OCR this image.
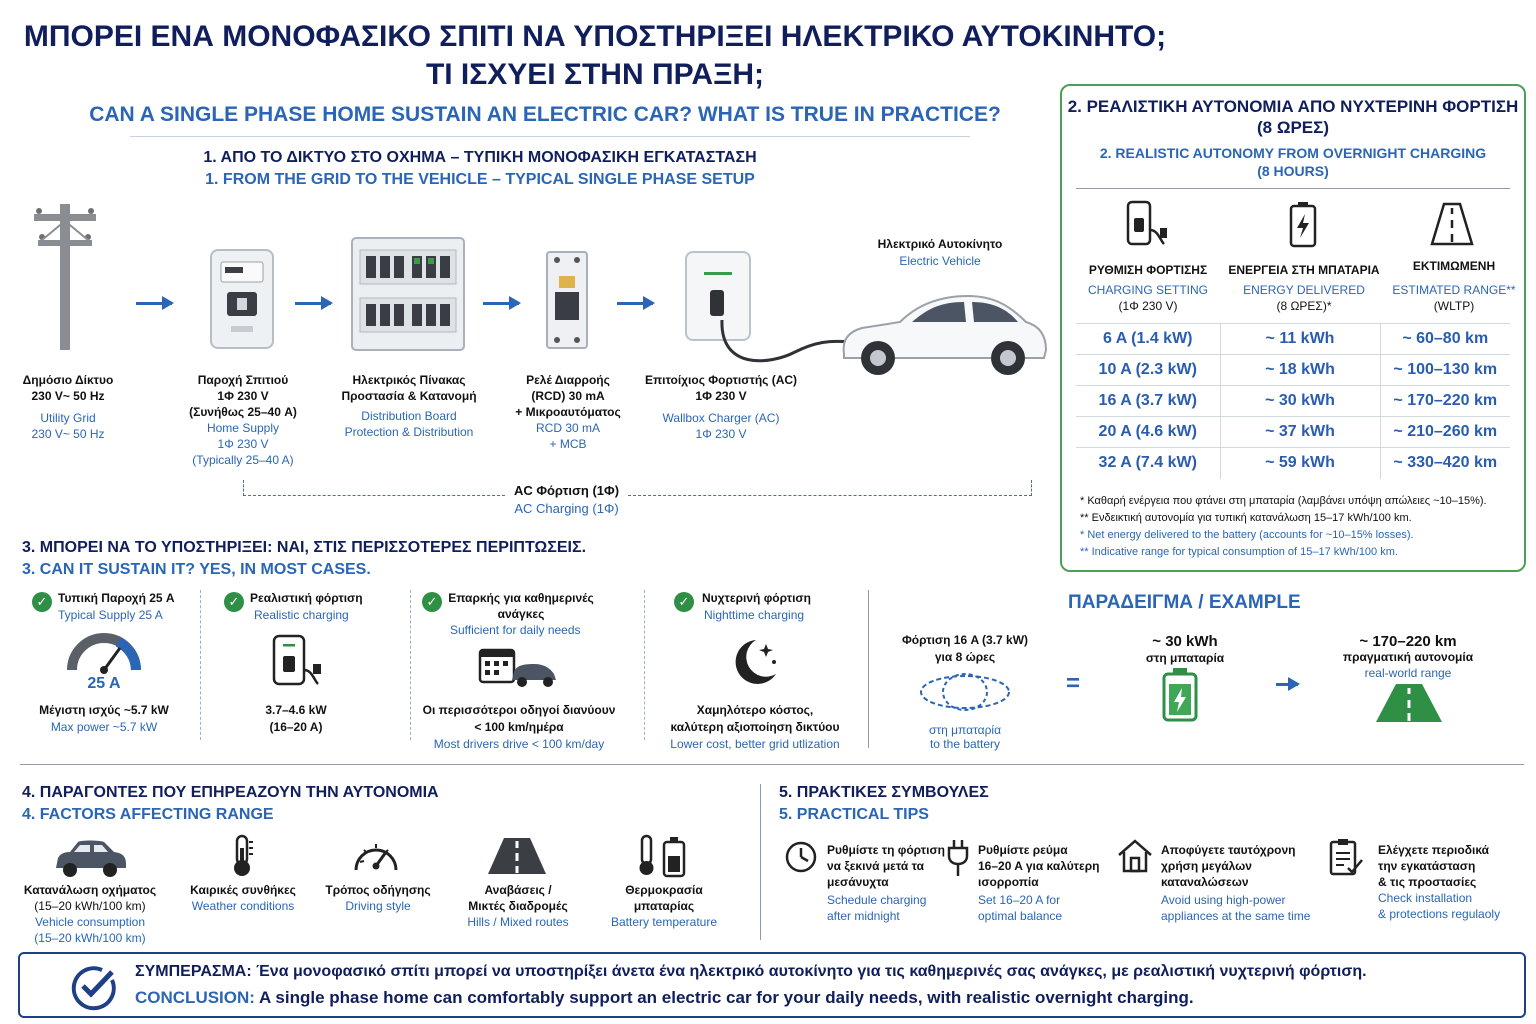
ΜΠΟΡΕΙ ΕΝΑ ΜΟΝΟΦΑΣΙΚΟ ΣΠΙΤΙ ΝΑ ΥΠΟΣΤΗΡΙΞΕΙ ΗΛΕΚΤΡΙΚΟ ΑΥΤΟΚΙΝΗΤΟ;
ΤΙ ΙΣΧΥΕΙ ΣΤΗΝ ΠΡΑΞΗ;
CAN A SINGLE PHASE HOME SUSTAIN AN ELECTRIC CAR? WHAT IS TRUE IN PRACTICE?
1. ΑΠΟ ΤΟ ΔΙΚΤΥΟ ΣΤΟ ΟΧΗΜΑ – ΤΥΠΙΚΗ ΜΟΝΟΦΑΣΙΚΗ ΕΓΚΑΤΑΣΤΑΣΗ
1. FROM THE GRID TO THE VEHICLE – TYPICAL SINGLE PHASE SETUP
Ηλεκτρικό Αυτοκίνητο
Electric Vehicle
Δημόσιο Δίκτυο
230 V~ 50 Hz
Utility Grid
230 V~ 50 Hz
Παροχή Σπιτιού
1Φ 230 V
(Συνήθως 25–40 A)
Home Supply
1Φ 230 V
(Typically 25–40 A)
Ηλεκτρικός Πίνακας
Προστασία & Κατανομή
Distribution Board
Protection & Distribution
Ρελέ Διαρροής
(RCD) 30 mA
+ Μικροαυτόματος
RCD 30 mA
+ MCB
Επιτοίχιος Φορτιστής (AC)
1Φ 230 V
Wallbox Charger (AC)
1Φ 230 V
AC Φόρτιση (1Φ)
AC Charging (1Φ)
2. ΡΕΑΛΙΣΤΙΚΗ ΑΥΤΟΝΟΜΙΑ ΑΠΟ ΝΥΧΤΕΡΙΝΗ ΦΟΡΤΙΣΗ
(8 ΩΡΕΣ)
2. REALISTIC AUTONOMY FROM OVERNIGHT CHARGING
(8 HOURS)
ΡΥΘΜΙΣΗ ΦΟΡΤΙΣΗΣ
CHARGING SETTING
(1Φ 230 V)
ΕΝΕΡΓΕΙΑ ΣΤΗ ΜΠΑΤΑΡΙΑ
ENERGY DELIVERED
(8 ΩΡΕΣ)*
ΕΚΤΙΜΩΜΕΝΗ
ESTIMATED RANGE**
(WLTP)
6 A (1.4 kW)	~ 11 kWh	~ 60–80 km
10 A (2.3 kW)	~ 18 kWh	~ 100–130 km
16 A (3.7 kW)	~ 30 kWh	~ 170–220 km
20 A (4.6 kW)	~ 37 kWh	~ 210–260 km
32 A (7.4 kW)	~ 59 kWh	~ 330–420 km
* Καθαρή ενέργεια που φτάνει στη μπαταρία (λαμβάνει υπόψη απώλειες ~10–15%).
** Ενδεικτική αυτονομία για τυπική κατανάλωση 15–17 kWh/100 km.
* Net energy delivered to the battery (accounts for ~10–15% losses).
** Indicative range for typical consumption of 15–17 kWh/100 km.
3. ΜΠΟΡΕΙ ΝΑ ΤΟ ΥΠΟΣΤΗΡΙΞΕΙ: ΝΑΙ, ΣΤΙΣ ΠΕΡΙΣΣΟΤΕΡΕΣ ΠΕΡΙΠΤΩΣΕΙΣ.
3. CAN IT SUSTAIN IT? YES, IN MOST CASES.
✓ Τυπική Παροχή 25 A
Typical Supply 25 A
25 A
Μέγιστη ισχύς ~5.7 kW
Max power ~5.7 kW
✓ Ρεαλιστική φόρτιση
Realistic charging
3.7–4.6 kW
(16–20 A)
✓ Επαρκής για καθημερινές ανάγκες
Sufficient for daily needs
Οι περισσότεροι οδηγοί διανύουν
< 100 km/ημέρα
Most drivers drive < 100 km/day
✓	Νυχτερινή φόρτιση
Nighttime charging
Χαμηλότερο κόστος,
καλύτερη αξιοποίηση δικτύου
Lower cost, better grid utlization
ΠΑΡΑΔΕΙΓΜΑ / EXAMPLE
Φόρτιση 16 A (3.7 kW)
για 8 ώρες
στη μπαταρία
to the battery
=
~ 30 kWh
στη μπαταρία
~ 170–220 km
πραγματική αυτονομία
real-world range
4. ΠΑΡΑΓΟΝΤΕΣ ΠΟΥ ΕΠΗΡΕΑΖΟΥΝ ΤΗΝ ΑΥΤΟΝΟΜΙΑ
4. FACTORS AFFECTING RANGE
Κατανάλωση οχήματος
(15–20 kWh/100 km)
Vehicle consumption
(15–20 kWh/100 km)
Καιρικές συνθήκες
Weather conditions
Τρόπος οδήγησης
Driving style
Αναβάσεις /
Μικτές διαδρομές
Hills / Mixed routes
Θερμοκρασία
μπαταρίας
Battery temperature
5. ΠΡΑΚΤΙΚΕΣ ΣΥΜΒΟΥΛΕΣ
5. PRACTICAL TIPS
Ρυθμίστε τη φόρτιση
να ξεκινά μετά τα
μεσάνυχτα
Schedule charging
after midnight
Ρυθμίστε ρεύμα
16–20 A για καλύτερη
ισορροπία
Set 16–20 A for
optimal balance
Αποφύγετε ταυτόχρονη
χρήση μεγάλων
καταναλώσεων
Avoid using high-power
appliances at the same time
Ελέγχετε περιοδικά
την εγκατάσταση
& τις προστασίες
Check installation
& protections regulaoly
ΣΥΜΠΕΡΑΣΜΑ: Ένα μονοφασικό σπίτι μπορεί να υποστηρίξει άνετα ένα ηλεκτρικό αυτοκίνητο για τις καθημερινές σας ανάγκες, με ρεαλιστική νυχτερινή φόρτιση.
CONCLUSION: A single phase home can comfortably support an electric car for your daily needs, with realistic overnight charging.
